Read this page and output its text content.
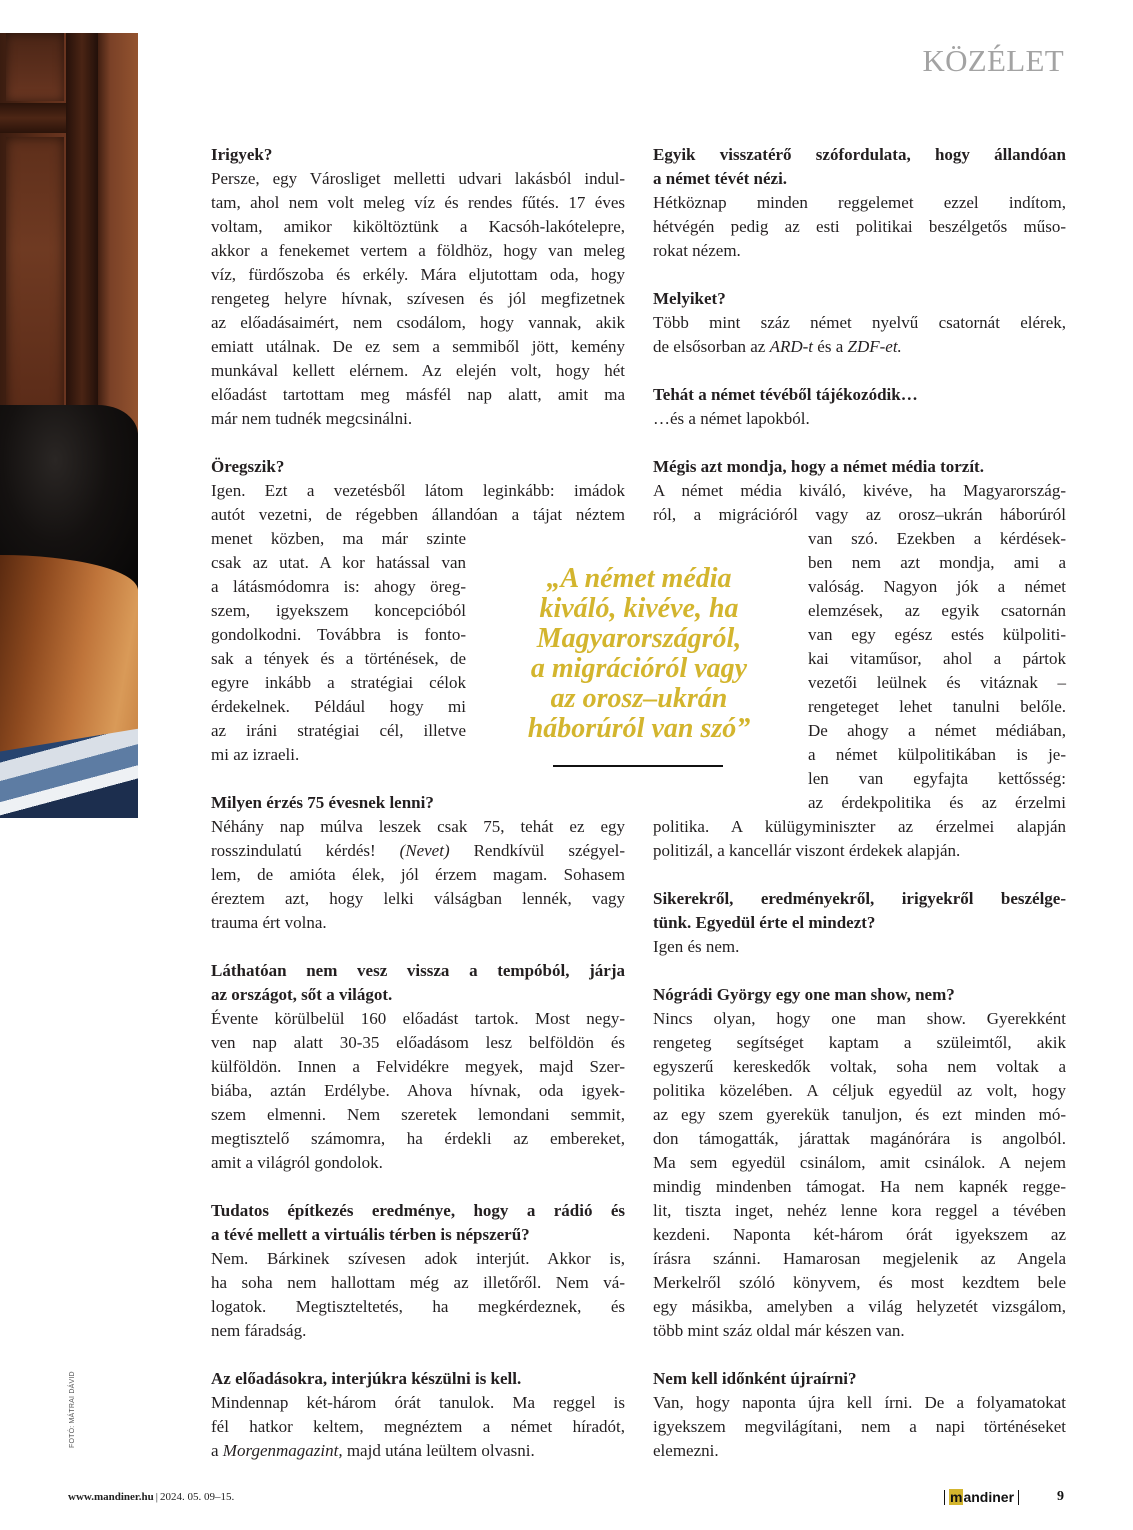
KÖZÉLET
Irigyek?
Persze, egy Városliget melletti udvari lakásból indul-
tam, ahol nem volt meleg víz és rendes fűtés. 17 éves
voltam, amikor kiköltöztünk a Kacsóh-lakótelepre,
akkor a fenekemet vertem a földhöz, hogy van meleg
víz, fürdőszoba és erkély. Mára eljutottam oda, hogy
rengeteg helyre hívnak, szívesen és jól megfizetnek
az előadásaimért, nem csodálom, hogy vannak, akik
emiatt utálnak. De ez sem a semmiből jött, kemény
munkával kellett elérnem. Az elején volt, hogy hét
előadást tartottam meg másfél nap alatt, amit ma
már nem tudnék megcsinálni.
Öregszik?
Igen. Ezt a vezetésből látom leginkább: imádok
autót vezetni, de régebben állandóan a tájat néztem
menet közben, ma már szinte
csak az utat. A kor hatással van
a látásmódomra is: ahogy öreg-
szem, igyekszem koncepcióból
gondolkodni. Továbbra is fonto-
sak a tények és a történések, de
egyre inkább a stratégiai célok
érdekelnek. Például hogy mi
az iráni stratégiai cél, illetve
mi az izraeli.
Milyen érzés 75 évesnek lenni?
Néhány nap múlva leszek csak 75, tehát ez egy
rosszindulatú kérdés! (Nevet) Rendkívül szégyel-
lem, de amióta élek, jól érzem magam. Sohasem
éreztem azt, hogy lelki válságban lennék, vagy
trauma ért volna.
Láthatóan nem vesz vissza a tempóból, járja
az országot, sőt a világot.
Évente körülbelül 160 előadást tartok. Most negy-
ven nap alatt 30-35 előadásom lesz belföldön és
külföldön. Innen a Felvidékre megyek, majd Szer-
biába, aztán Erdélybe. Ahova hívnak, oda igyek-
szem elmenni. Nem szeretek lemondani semmit,
megtisztelő számomra, ha érdekli az embereket,
amit a világról gondolok.
Tudatos építkezés eredménye, hogy a rádió és
a tévé mellett a virtuális térben is népszerű?
Nem. Bárkinek szívesen adok interjút. Akkor is,
ha soha nem hallottam még az illetőről. Nem vá-
logatok. Megtiszteltetés, ha megkérdeznek, és
nem fáradság.
Az előadásokra, interjúkra készülni is kell.
Mindennap két-három órát tanulok. Ma reggel is
fél hatkor keltem, megnéztem a német híradót,
a Morgenmagazint, majd utána leültem olvasni.
Egyik visszatérő szófordulata, hogy állandóan
a német tévét nézi.
Hétköznap minden reggelemet ezzel indítom,
hétvégén pedig az esti politikai beszélgetős műso-
rokat nézem.
Melyiket?
Több mint száz német nyelvű csatornát elérek,
de elsősorban az ARD-t és a ZDF-et.
Tehát a német tévéből tájékozódik…
…és a német lapokból.
Mégis azt mondja, hogy a német média torzít.
A német média kiváló, kivéve, ha Magyarország-
ról, a migrációról vagy az orosz–ukrán háborúról
van szó. Ezekben a kérdések-
ben nem azt mondja, ami a
valóság. Nagyon jók a német
elemzések, az egyik csatornán
van egy egész estés külpoliti-
kai vitaműsor, ahol a pártok
vezetői leülnek és vitáznak –
rengeteget lehet tanulni belőle.
De ahogy a német médiában,
a német külpolitikában is je-
len van egyfajta kettősség:
az érdekpolitika és az érzelmi
politika. A külügyminiszter az érzelmei alapján
politizál, a kancellár viszont érdekek alapján.
Sikerekről, eredményekről, irigyekről beszélge-
tünk. Egyedül érte el mindezt?
Igen és nem.
Nógrádi György egy one man show, nem?
Nincs olyan, hogy one man show. Gyerekként
rengeteg segítséget kaptam a szüleimtől, akik
egyszerű kereskedők voltak, soha nem voltak a
politika közelében. A céljuk egyedül az volt, hogy
az egy szem gyerekük tanuljon, és ezt minden mó-
don támogatták, járattak magánórára is angolból.
Ma sem egyedül csinálom, amit csinálok. A nejem
mindig mindenben támogat. Ha nem kapnék regge-
lit, tiszta inget, nehéz lenne kora reggel a tévében
kezdeni. Naponta két-három órát igyekszem az
írásra szánni. Hamarosan megjelenik az Angela
Merkelről szóló könyvem, és most kezdtem bele
egy másikba, amelyben a világ helyzetét vizsgálom,
több mint száz oldal már készen van.
Nem kell időnként újraírni?
Van, hogy naponta újra kell írni. De a folyamatokat
igyekszem megvilágítani, nem a napi történéseket
elemezni.
„A német média
kiváló, kivéve, ha
Magyarországról,
a migrációról vagy
az orosz–ukrán
háborúról van szó”
FOTÓ: MÁTRAI DÁVID
www.mandiner.hu | 2024. 05. 09–15.	m andiner	9
